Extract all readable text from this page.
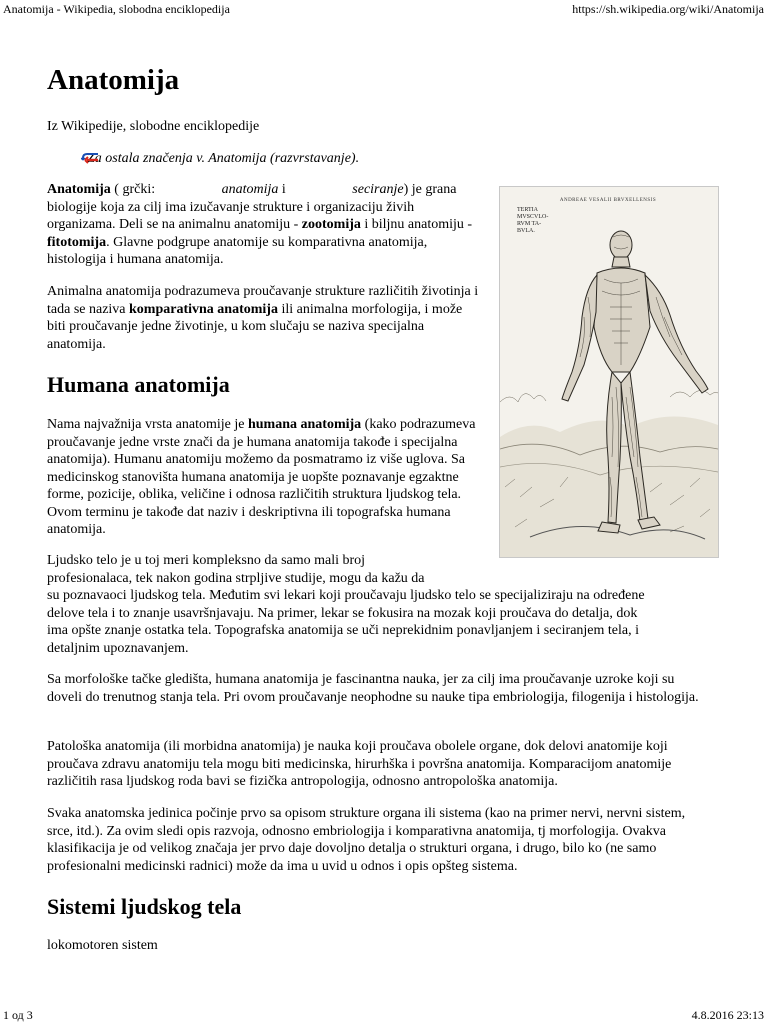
Anatomija - Wikipedia, slobodna enciklopedija	https://sh.wikipedia.org/wiki/Anatomija
Anatomija
Iz Wikipedije, slobodne enciklopedije
Za ostala značenja v. Anatomija (razvrstavanje).

Anatomija ( grčki:	anatomija i	seciranje) je grana biologije koja za cilj ima izučavanje strukture i organizaciju živih organizama. Deli se na animalnu anatomiju - zootomija i biljnu anatomiju - fitotomija. Glavne podgrupe anatomije su komparativna anatomija, histologija i humana anatomija.

Animalna anatomija podrazumeva proučavanje strukture različitih životinja i tada se naziva komparativna anatomija ili animalna morfologija, i može biti proučavanje jedne životinje, u kom slučaju se naziva specijalna anatomija.

Humana anatomija

Nama najvažnija vrsta anatomije je humana anatomija (kako podrazumeva proučavanje jedne vrste znači da je humana anatomija takođe i specijalna anatomija). Humanu anatomiju možemo da posmatramo iz više uglova. Sa medicinskog stanovišta humana anatomija je uopšte poznavanje egzaktne forme, pozicije, oblika, veličine i odnosa različitih struktura ljudskog tela. Ovom terminu je takođe dat naziv i deskriptivna ili topografska humana anatomija.

Ljudsko telo je u toj meri kompleksno da samo mali broj
profesionalaca, tek nakon godina strpljive studije, mogu da kažu da
su poznavaoci ljudskog tela. Međutim svi lekari koji proučavaju ljudsko telo se specijaliziraju na određene
delove tela i to znanje usavršnjavaju. Na primer, lekar se fokusira na mozak koji proučava do detalja, dok
ima opšte znanje ostatka tela. Topografska anatomija se uči neprekidnim ponavljanjem i seciranjem tela, i
detaljnim upoznavanjem.

Sa morfološke tačke gledišta, humana anatomija je fascinantna nauka, jer za cilj ima proučavanje uzroke koji su doveli do trenutnog stanja tela. Pri ovom proučavanje neophodne su nauke tipa embriologija, filogenija i histologija.

Patološka anatomija (ili morbidna anatomija) je nauka koji proučava obolele organe, dok delovi anatomije koji proučava zdravu anatomiju tela mogu biti medicinska, hirurhška i površna anatomija. Komparacijom anatomije različitih rasa ljudskog roda bavi se fizička antropologija, odnosno antropološka anatomija.

Svaka anatomska jedinica počinje prvo sa opisom strukture organa ili sistema (kao na primer nervi, nervni sistem, srce, itd.). Za ovim sledi opis razvoja, odnosno embriologija i komparativna anatomija, tj morfologija. Ovakva klasifikacija je od velikog značaja jer prvo daje dovoljno detalja o strukturi organa, i drugo, bilo ko (ne samo profesionalni medicinski radnici) može da ima u uvid u odnos i opis opšteg sistema.

Sistemi ljudskog tela

lokomotoren sistem

ANDREAE VESALII BRVXELLENSIS
TERTIA
MVSCVLO-
RVM TA-
BVLA.
1 од 3	4.8.2016 23:13
